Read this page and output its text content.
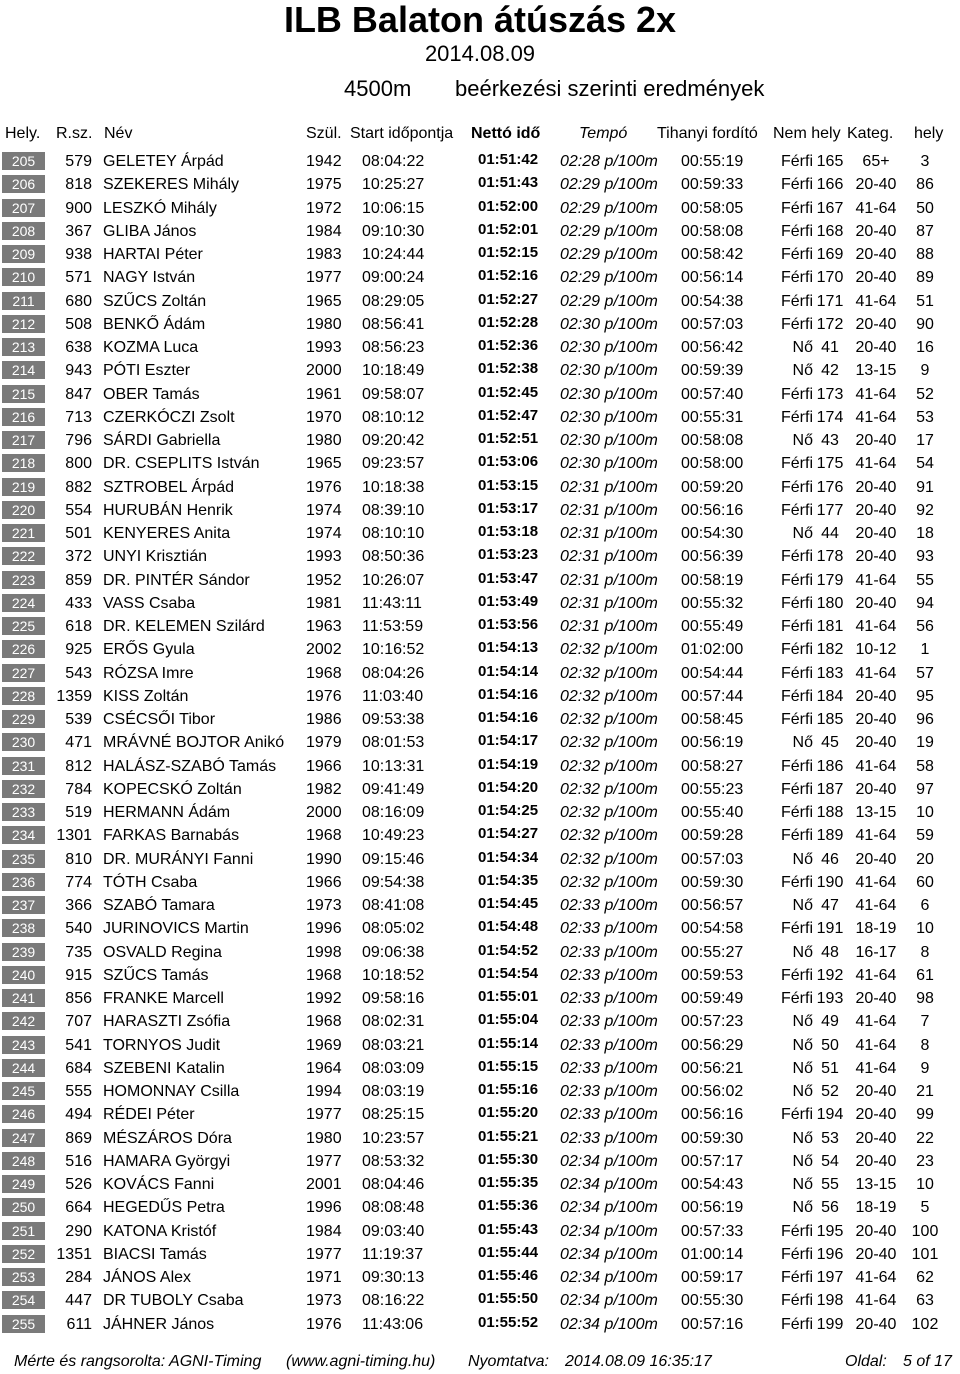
ILB Balaton átúszás 2x
2014.08.09
4500m beérkezési szerinti eredmények
Hely. R.sz. Név	Szül. Start időpontja Nettó idő Tempó Tihanyi fordító Nem hely Kateg. hely
205	579 GELETEY Árpád	1942 08:04:22	01:51:42 02:28 p/100m 00:55:19	Férfi 165	65+	3
206	818 SZEKERES Mihály	1975 10:25:27	01:51:43 02:29 p/100m 00:59:33	Férfi 166 20-40	86
207	900 LESZKÓ Mihály	1972 10:06:15	01:52:00 02:29 p/100m 00:58:05	Férfi 167 41-64	50
208	367 GLIBA János	1984 09:10:30	01:52:01 02:29 p/100m 00:58:08	Férfi 168 20-40	87
209	938 HARTAI Péter	1983 10:24:44	01:52:15 02:29 p/100m 00:58:42	Férfi 169 20-40	88
210	571 NAGY István	1977 09:00:24	01:52:16 02:29 p/100m 00:56:14	Férfi 170 20-40	89
211	680 SZŰCS Zoltán	1965 08:29:05	01:52:27 02:29 p/100m 00:54:38	Férfi 171 41-64	51
212	508 BENKŐ Ádám	1980 08:56:41	01:52:28 02:30 p/100m 00:57:03	Férfi 172 20-40	90
213	638 KOZMA Luca	1993 08:56:23	01:52:36 02:30 p/100m 00:56:42	Nő 41	20-40	16
214	943 PÓTI Eszter	2000 10:18:49	01:52:38 02:30 p/100m 00:59:39	Nő 42	13-15	9
215	847 OBER Tamás	1961 09:58:07	01:52:45 02:30 p/100m 00:57:40	Férfi 173 41-64	52
216	713 CZERKÓCZI Zsolt	1970 08:10:12	01:52:47 02:30 p/100m 00:55:31	Férfi 174 41-64	53
217	796 SÁRDI Gabriella	1980 09:20:42	01:52:51 02:30 p/100m 00:58:08	Nő 43	20-40	17
218	800 DR. CSEPLITS István	1965 09:23:57	01:53:06 02:30 p/100m 00:58:00	Férfi 175 41-64	54
219	882 SZTROBEL Árpád	1976 10:18:38	01:53:15 02:31 p/100m 00:59:20	Férfi 176 20-40	91
220	554 HURUBÁN Henrik	1974 08:39:10	01:53:17 02:31 p/100m 00:56:16	Férfi 177 20-40	92
221	501 KENYERES Anita	1974 08:10:10	01:53:18 02:31 p/100m 00:54:30	Nő 44	20-40	18
222	372 UNYI Krisztián	1993 08:50:36	01:53:23 02:31 p/100m 00:56:39	Férfi 178 20-40	93
223	859 DR. PINTÉR Sándor	1952 10:26:07	01:53:47 02:31 p/100m 00:58:19	Férfi 179 41-64	55
224	433 VASS Csaba	1981 11:43:11	01:53:49 02:31 p/100m 00:55:32	Férfi 180 20-40	94
225	618 DR. KELEMEN Szilárd	1963 11:53:59	01:53:56 02:31 p/100m 00:55:49	Férfi 181 41-64	56
226	925 ERŐS Gyula	2002 10:16:52	01:54:13 02:32 p/100m 01:02:00	Férfi 182 10-12	1
227	543 RÓZSA Imre	1968 08:04:26	01:54:14 02:32 p/100m 00:54:44	Férfi 183 41-64	57
228	1359 KISS Zoltán	1976 11:03:40	01:54:16 02:32 p/100m 00:57:44	Férfi 184 20-40	95
229	539 CSÉCSŐI Tibor	1986 09:53:38	01:54:16 02:32 p/100m 00:58:45	Férfi 185 20-40	96
230	471 MRÁVNÉ BOJTOR Anikó 1979 08:01:53	01:54:17 02:32 p/100m 00:56:19	Nő 45	20-40	19
231	812 HALÁSZ-SZABÓ Tamás 1966 10:13:31	01:54:19 02:32 p/100m 00:58:27	Férfi 186 41-64	58
232	784 KOPECSKÓ Zoltán	1982 09:41:49	01:54:20 02:32 p/100m 00:55:23	Férfi 187 20-40	97
233	519 HERMANN Ádám	2000 08:16:09	01:54:25 02:32 p/100m 00:55:40	Férfi 188 13-15	10
234	1301 FARKAS Barnabás	1968 10:49:23	01:54:27 02:32 p/100m 00:59:28	Férfi 189 41-64	59
235	810 DR. MURÁNYI Fanni	1990 09:15:46	01:54:34 02:32 p/100m 00:57:03	Nő 46	20-40	20
236	774 TÓTH Csaba	1966 09:54:38	01:54:35 02:32 p/100m 00:59:30	Férfi 190 41-64	60
237	366 SZABÓ Tamara	1973 08:41:08	01:54:45 02:33 p/100m 00:56:57	Nő 47	41-64	6
238	540 JURINOVICS Martin	1996 08:05:02	01:54:48 02:33 p/100m 00:54:58	Férfi 191 18-19	10
239	735 OSVALD Regina	1998 09:06:38	01:54:52 02:33 p/100m 00:55:27	Nő 48	16-17	8
240	915 SZŰCS Tamás	1968 10:18:52	01:54:54 02:33 p/100m 00:59:53	Férfi 192 41-64	61
241	856 FRANKE Marcell	1992 09:58:16	01:55:01 02:33 p/100m 00:59:49	Férfi 193 20-40	98
242	707 HARASZTI Zsófia	1968 08:02:31	01:55:04 02:33 p/100m 00:57:23	Nő 49	41-64	7
243	541 TORNYOS Judit	1969 08:03:21	01:55:14 02:33 p/100m 00:56:29	Nő 50	41-64	8
244	684 SZEBENI Katalin	1964 08:03:09	01:55:15 02:33 p/100m 00:56:21	Nő 51	41-64	9
245	555 HOMONNAY Csilla	1994 08:03:19	01:55:16 02:33 p/100m 00:56:02	Nő 52	20-40	21
246	494 RÉDEI Péter	1977 08:25:15	01:55:20 02:33 p/100m 00:56:16	Férfi 194 20-40	99
247	869 MÉSZÁROS Dóra	1980 10:23:57	01:55:21 02:33 p/100m 00:59:30	Nő 53	20-40	22
248	516 HAMARA Györgyi	1977 08:53:32	01:55:30 02:34 p/100m 00:57:17	Nő 54	20-40	23
249	526 KOVÁCS Fanni	2001 08:04:46	01:55:35 02:34 p/100m 00:54:43	Nő 55	13-15	10
250	664 HEGEDŰS Petra	1996 08:08:48	01:55:36 02:34 p/100m 00:56:19	Nő 56	18-19	5
251	290 KATONA Kristóf	1984 09:03:40	01:55:43 02:34 p/100m 00:57:33	Férfi 195 20-40 100
252	1351 BIACSI Tamás	1977 11:19:37	01:55:44 02:34 p/100m 01:00:14	Férfi 196 20-40 101
253	284 JÁNOS Alex	1971 09:30:13	01:55:46 02:34 p/100m 00:59:17	Férfi 197 41-64	62
254	447 DR TUBOLY Csaba	1973 08:16:22	01:55:50 02:34 p/100m 00:55:30	Férfi 198 41-64	63
255	611 JÁHNER János	1976 11:43:06	01:55:52 02:34 p/100m 00:57:16	Férfi 199 20-40 102
Mérte és rangsorolta: AGNI-Timing (www.agni-timing.hu) Nyomtatva: 2014.08.09 16:35:17	Oldal: 5 of 17
